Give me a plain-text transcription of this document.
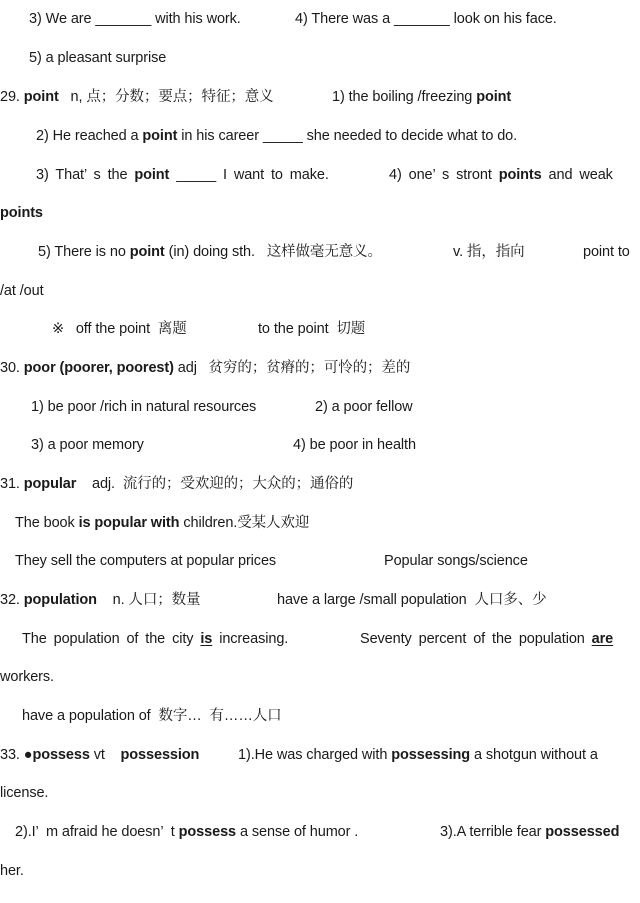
3) We are _______ with his work.	4) There was a _______ look on his face.
5) a pleasant surprise
29. point   n, 点；分数；要点；特征；意义	1) the boiling /freezing point
2) He reached a point in his career _____ she needed to decide what to do.
3) That’ s the point _____ I want to make.	4) one’ s stront points and weak
points
5) There is no point (in) doing sth.   这样做毫无意义。	v. 指，指向	point to
/at /out
※   off the point  离题	to the point  切题
30. poor (poorer, poorest) adj   贫穷的；贫瘠的；可怜的；差的
1) be poor /rich in natural resources	2) a poor fellow
3) a poor memory	4) be poor in health
31. popular    adj.  流行的；受欢迎的；大众的；通俗的
The book is popular with children.受某人欢迎
They sell the computers at popular prices	Popular songs/science
32. population    n. 人口；数量	have a large /small population  人口多、少
The population of the city is increasing.	Seventy percent of the population are
workers.
have a population of  数字…  有……人口
33. ●possess vt    possession	1).He was charged with possessing a shotgun without a
license.
2).I’  m afraid he doesn’  t possess a sense of humor .	3).A terrible fear possessed
her.
